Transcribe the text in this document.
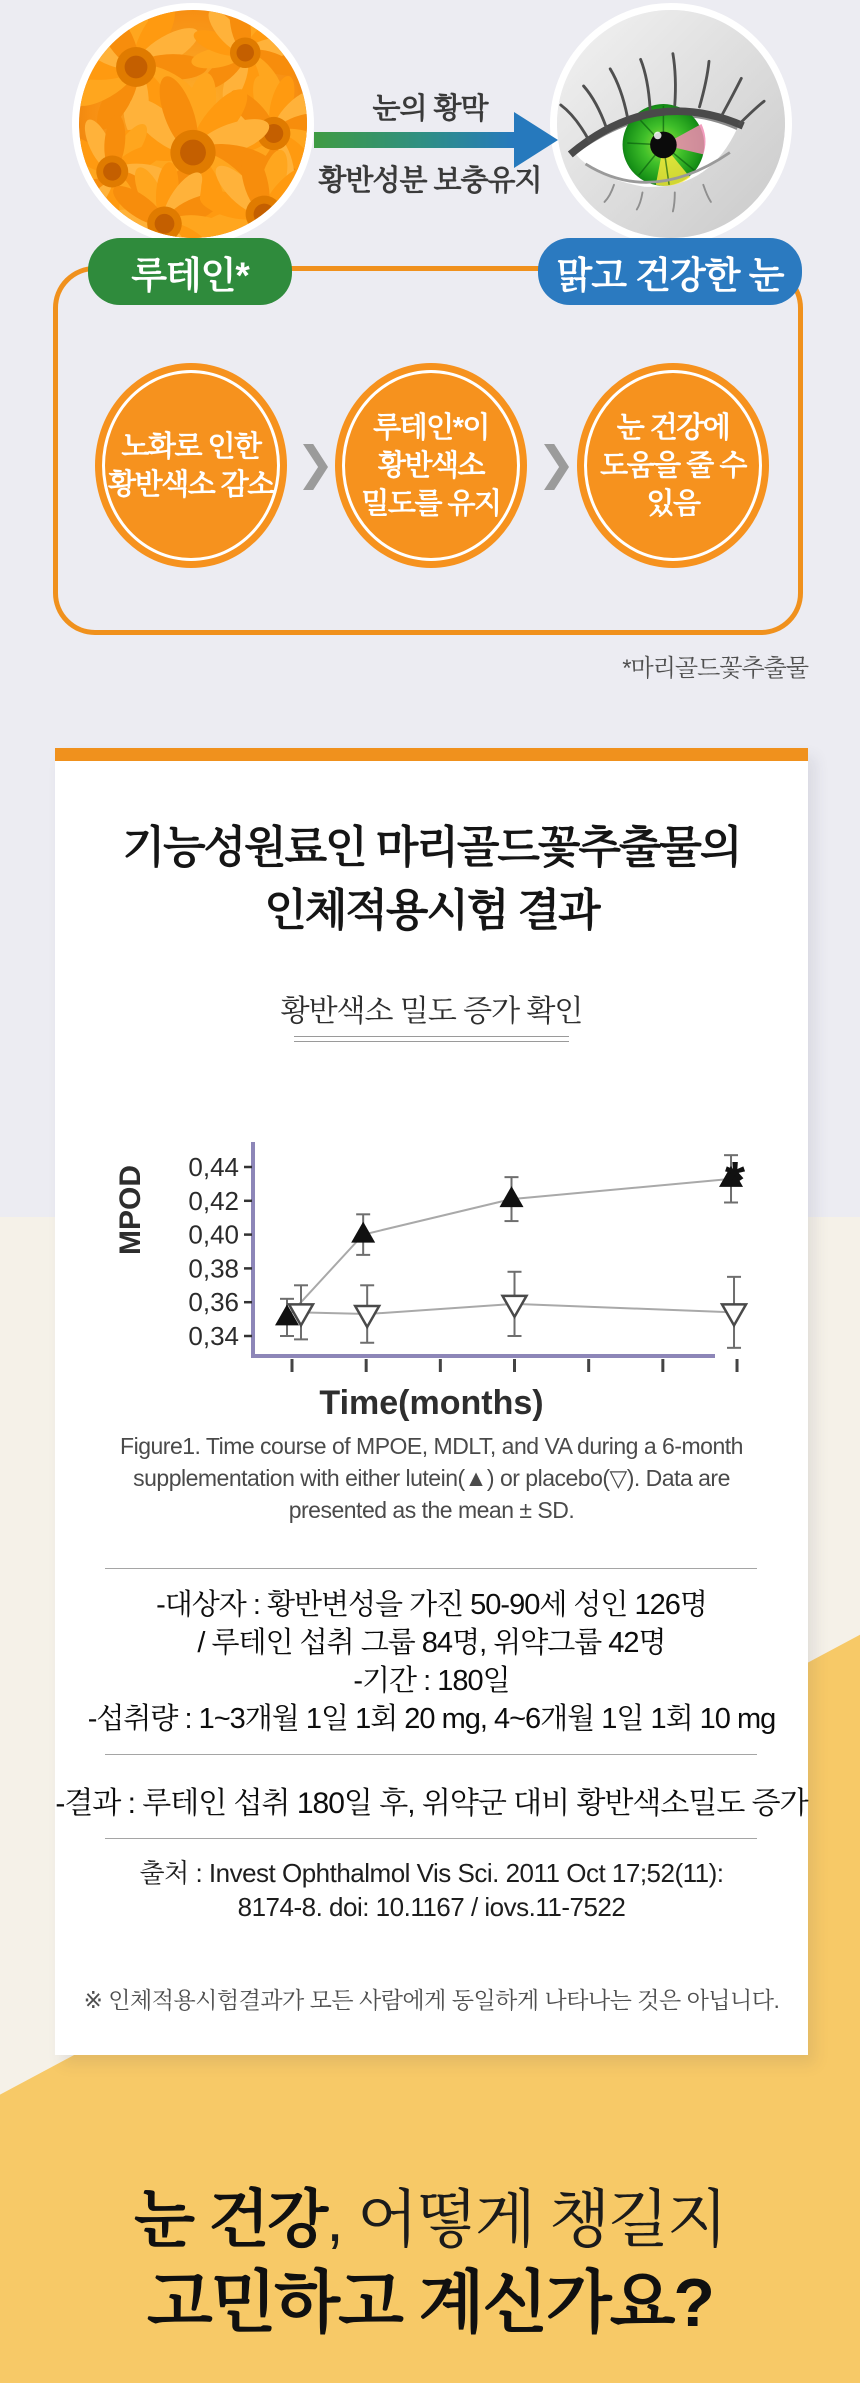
눈의 황막
황반성분 보충유지
루테인*	맑고 건강한 눈
노화로 인한
황반색소 감소 ❯
루테인*이
황반색소
밀도를 유지
❯
눈 건강에
도움을 줄 수
있음
*마리골드꽃추출물
기능성원료인 마리골드꽃추출물의
인체적용시험 결과
황반색소 밀도 증가 확인
MPOD
0,34
0,36
0,38
0,40
0,42
0,44	*
Time(months)
Figure1. Time course of MPOE, MDLT, and VA during a 6-month
supplementation with either lutein(▲) or placebo(▽). Data are
presented as the mean ± SD.
-대상자 : 황반변성을 가진 50-90세 성인 126명
/ 루테인 섭취 그룹 84명, 위약그룹 42명
-기간 : 180일
-섭취량 : 1~3개월 1일 1회 20 mg, 4~6개월 1일 1회 10 mg
-결과 : 루테인 섭취 180일 후, 위약군 대비 황반색소밀도 증가
출처 : Invest Ophthalmol Vis Sci. 2011 Oct 17;52(11):
8174-8. doi: 10.1167 / iovs.11-7522
※ 인체적용시험결과가 모든 사람에게 동일하게 나타나는 것은 아닙니다.
눈 건강, 어떻게 챙길지
고민하고 계신가요?
